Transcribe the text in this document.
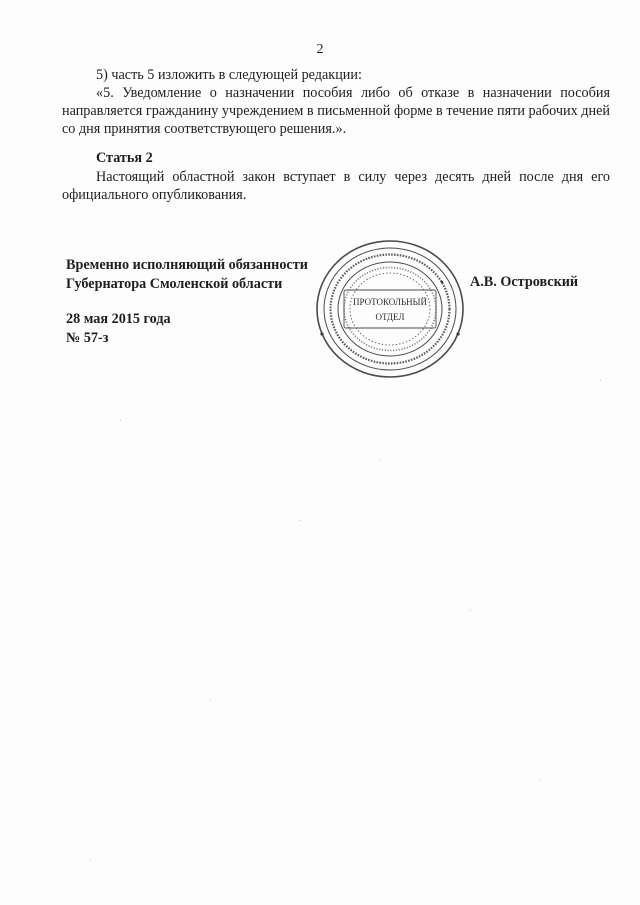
2
5) часть 5 изложить в следующей редакции:
«5. Уведомление о назначении пособия либо об отказе в назначении пособия направляется гражданину учреждением в письменной форме в течение пяти рабочих дней со дня принятия соответствующего решения.».
Статья 2
Настоящий областной закон вступает в силу через десять дней после дня его официального опубликования.
Временно исполняющий обязанности
Губернатора Смоленской области	А.В. Островский
28 мая 2015 года
№ 57-з
ПРОТОКОЛЬНЫЙ
ОТДЕЛ
